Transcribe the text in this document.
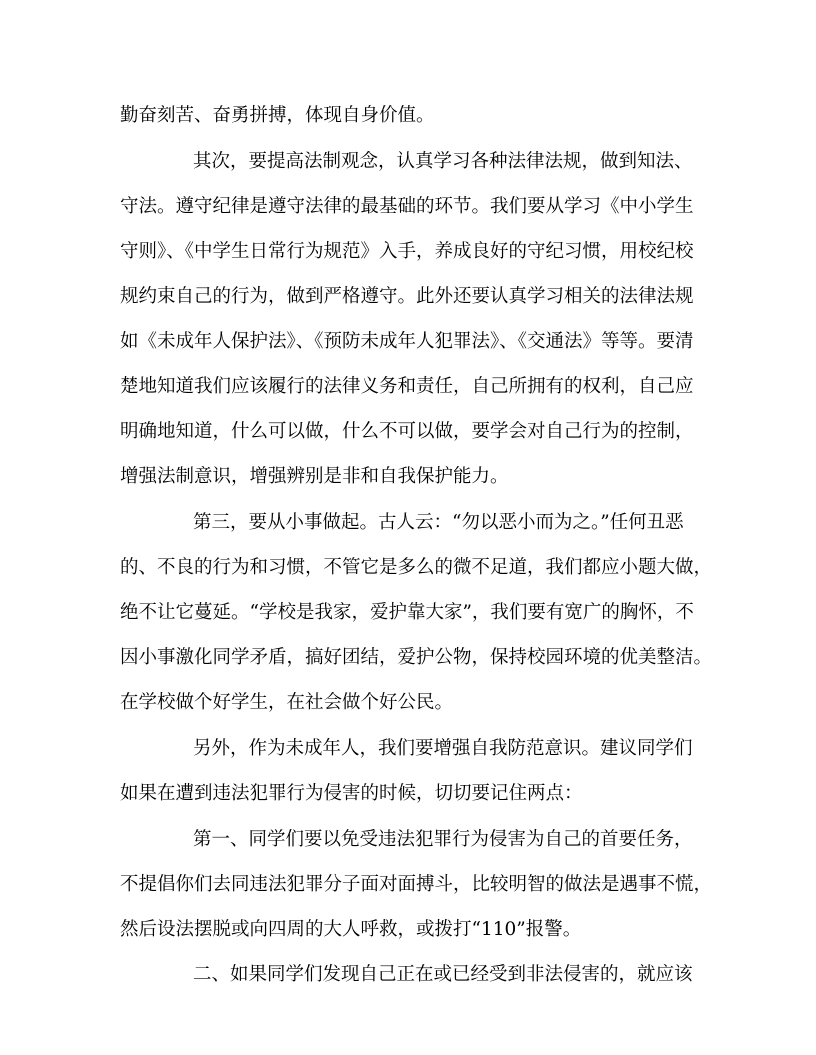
勤奋刻苦、奋勇拼搏，体现自身价值。
其次，要提高法制观念，认真学习各种法律法规，做到知法、
守法。遵守纪律是遵守法律的最基础的环节。我们要从学习《中小学生
守则》、《中学生日常行为规范》入手，养成良好的守纪习惯，用校纪校
规约束自己的行为，做到严格遵守。此外还要认真学习相关的法律法规
如《未成年人保护法》、《预防未成年人犯罪法》、《交通法》等等。要清
楚地知道我们应该履行的法律义务和责任，自己所拥有的权利，自己应
明确地知道，什么可以做，什么不可以做，要学会对自己行为的控制，
增强法制意识，增强辨别是非和自我保护能力。
第三，要从小事做起。古人云：“勿以恶小而为之。”任何丑恶
的、不良的行为和习惯，不管它是多么的微不足道，我们都应小题大做，
绝不让它蔓延。“学校是我家，爱护靠大家”，我们要有宽广的胸怀，不
因小事激化同学矛盾，搞好团结，爱护公物，保持校园环境的优美整洁。
在学校做个好学生，在社会做个好公民。
另外，作为未成年人，我们要增强自我防范意识。建议同学们
如果在遭到违法犯罪行为侵害的时候，切切要记住两点：
第一、同学们要以免受违法犯罪行为侵害为自己的首要任务，
不提倡你们去同违法犯罪分子面对面搏斗，比较明智的做法是遇事不慌，
然后设法摆脱或向四周的大人呼救，或拨打“110”报警。
二、如果同学们发现自己正在或已经受到非法侵害的，就应该
